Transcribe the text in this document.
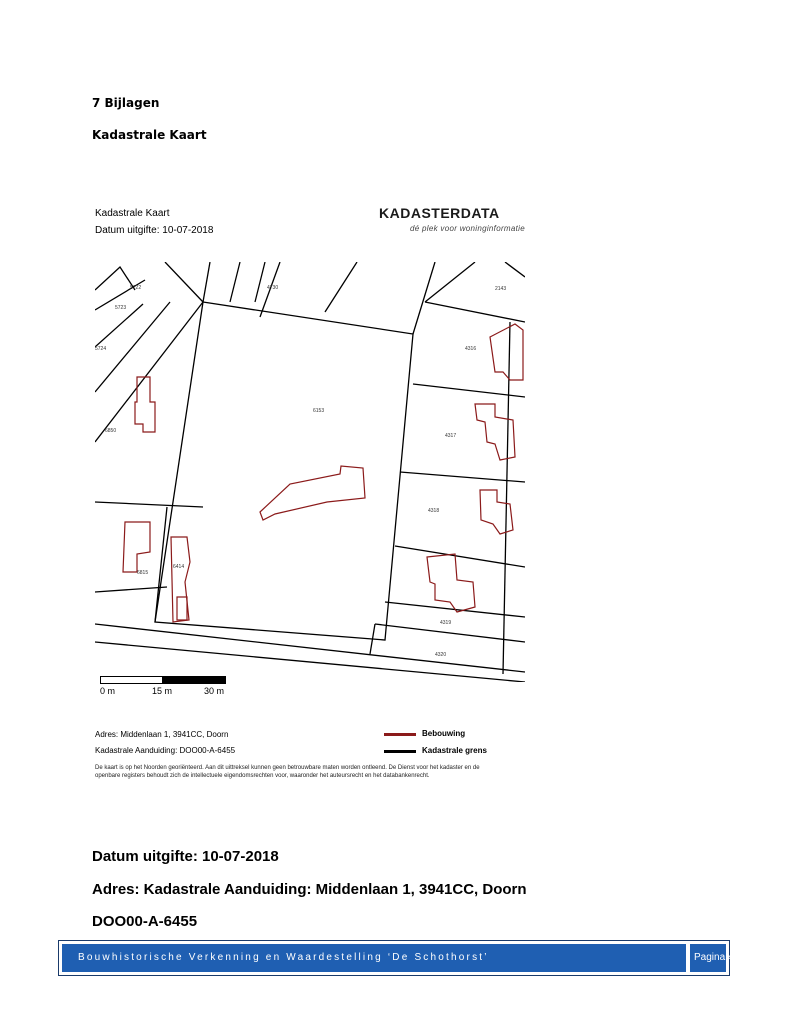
7 Bijlagen
Kadastrale Kaart
Kadastrale Kaart
Datum uitgifte: 10-07-2018
KADASTERDATA
dé plek voor woninginformatie
5722
5723
5724
4730	2143
6153
4316
4317
4318
4319
4320
6850
6815
6414
0 m	15 m	30 m
Adres: Middenlaan 1, 3941CC, Doorn
Kadastrale Aanduiding: DOO00-A-6455
Bebouwing
Kadastrale grens
De kaart is op het Noorden georiënteerd. Aan dit uittreksel kunnen geen betrouwbare maten worden ontleend. De Dienst voor het kadaster en de openbare registers behoudt zich de intellectuele eigendomsrechten voor, waaronder het auteursrecht en het databankenrecht.
Datum uitgifte: 10-07-2018
Adres: Kadastrale Aanduiding: Middenlaan 1, 3941CC, Doorn
DOO00-A-6455
Bouwhistorische Verkenning en Waardestelling ‘De Schothorst’	Pagina 43
